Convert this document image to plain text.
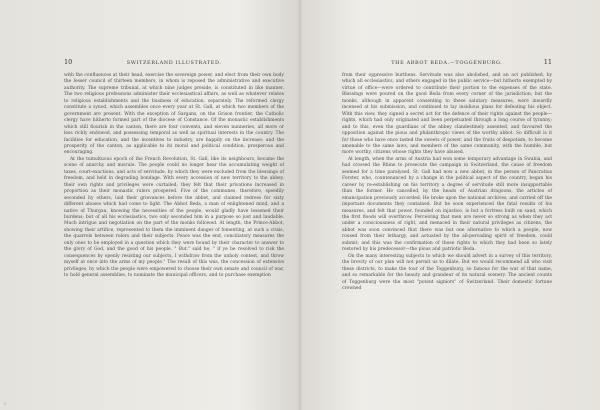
10	SWITZERLAND ILLUSTRATED.

with the confluences at their head, exercise the sovereign power, and elect from their own body the lesser council of thirteen members, in whom is reposed the administrative and executive authority. The supreme tribunal, at which nine judges preside, is constituted in like manner. The two religious professions administer their ecclesiastical affairs, as well as whatever relates to religious establishments and the business of education, separately. The reformed clergy constitute a synod, which assembles once every year at St. Gall, at which two members of the government are present. With the exception of Sargans, on the Grison frontier, the Catholic clergy have hitherto formed part of the diocese of Constance. Of the monastic establishments which still flourish in the canton, there are four convents, and eleven nunneries, all more or less richly endowed, and possessing temporal as well as spiritual interests in the country. The facilities for education, and the incentives to industry, are happily on the increase; and the prosperity of the canton, as applicable to its moral and political condition, prosperous and encouraging.

At the tumultuous epoch of the French Revolution, St. Gall, like its neighbours, became the scene of anarchy and misrule. The people could no longer bear the accumulating weight of taxes, court-exactions, and acts of servitude, by which they were excluded from the blessings of freedom, and held in degrading bondage. With every accession of new territory to the abbey, their own rights and privileges were curtailed; they felt that their privations increased in proportion as their monastic rulers prospered. Five of the communes, therefore, speedily seconded by others, laid their grievances before the abbot, and claimed redress for sixty different abuses which had come to light. The Abbot Beda, a man of enlightened mind, and a native of Thurgau, knowing the necessities of the people, would gladly have lessened their burdens; but of all his ecclesiastics, two only seconded him in a purpose so just and laudable. Much intrigue and negotiation on the part of the monks followed. At length, the Prince-Abbot, showing their artifice, represented to them the imminent danger of fomenting, at such a crisis, the quarrels between rulers and their subjects. Peace was the end, conciliatory measures the only ones to be employed in a question which they were bound by their character to answer to the glory of God, and the good of his people. " But," said he, " if ye be resolved to risk the consequences by openly resisting our subjects, I withdraw from the unholy contest, and throw myself at once into the arms of my people." The result of this was, the concession of extensive privileges, by which the people were empowered to choose their own senate and council of war, to hold general assemblies, to nominate the municipal officers, and to purchase exemption

THE ABBOT BEDA.—TOGGENBURG.	11

from their oppressive burthens. Servitude was also abolished, and an act published, by which all ecclesiastics, and others engaged in the public service—but hitherto exempted by virtue of office—were ordered to contribute their portion to the expenses of the state. Blessings were poured on the good Beda from every corner of the jurisdiction; but the monks, although in apparent consenting to these salutary measures, were inwardly incensed at his submission, and continued to lay insidious plans for defeating his object. With this view, they signed a secret act for the defence of their rights against the people—rights, which had only originated and been perpetuated through a long course of tyranny; and to this, even the guardians of the abbey clandestinely assented, and favoured the opposition against the pious and philanthropic views of the worthy abbot. So difficult is it for those who have once tasted the sweets of power, and the fruits of despotism, to become amenable to the same laws, and members of the same community, with the humble, but more worthy, citizens whose rights they have abused.

At length, when the arms of Austria had won some temporary advantage in Swabia, and had crossed the Rhine to prosecute the campaign in Switzerland, the cause of freedom seemed for a time paralysed. St. Gall had now a new abbot, in the person of Pancratius Forster, who, countenanced by a change in the political aspect of the country, began his career by re-establishing on his territory a degree of servitude still more insupportable than the former. He cancelled, by the heads of Austrian dragoons, the articles of emancipation previously accorded. He broke upon the national archives, and carried off the important documents they contained. But he soon experienced the fatal results of his measures, and felt that power, founded on injustice, is but a fortress built on sand, which the first floods will overthrow. Perceiving that men are never so strong as when they act under a consciousness of right, and menaced in their natural privileges as citizens, the abbot was soon convinced that there was but one alternative to which a people, now roused from their lethargy, and actuated by the all-pervading spirit of freedom, could submit; and this was the confirmation of those rights to which they had been so lately restored by his predecessor—the pious and patriotic Beda.

On the many interesting subjects to which we should advert in a survey of this territory, the brevity of our plan will not permit us to dilate. But we would recommend all who visit these districts, to make the tour of the Toggenburg, so famous for the war of that name, and so remarkable for the beauty and grandeur of its natural scenery. The ancient counts of Toggenburg were the most "potent signiors" of Switzerland. Their domestic fortune crowned

E
